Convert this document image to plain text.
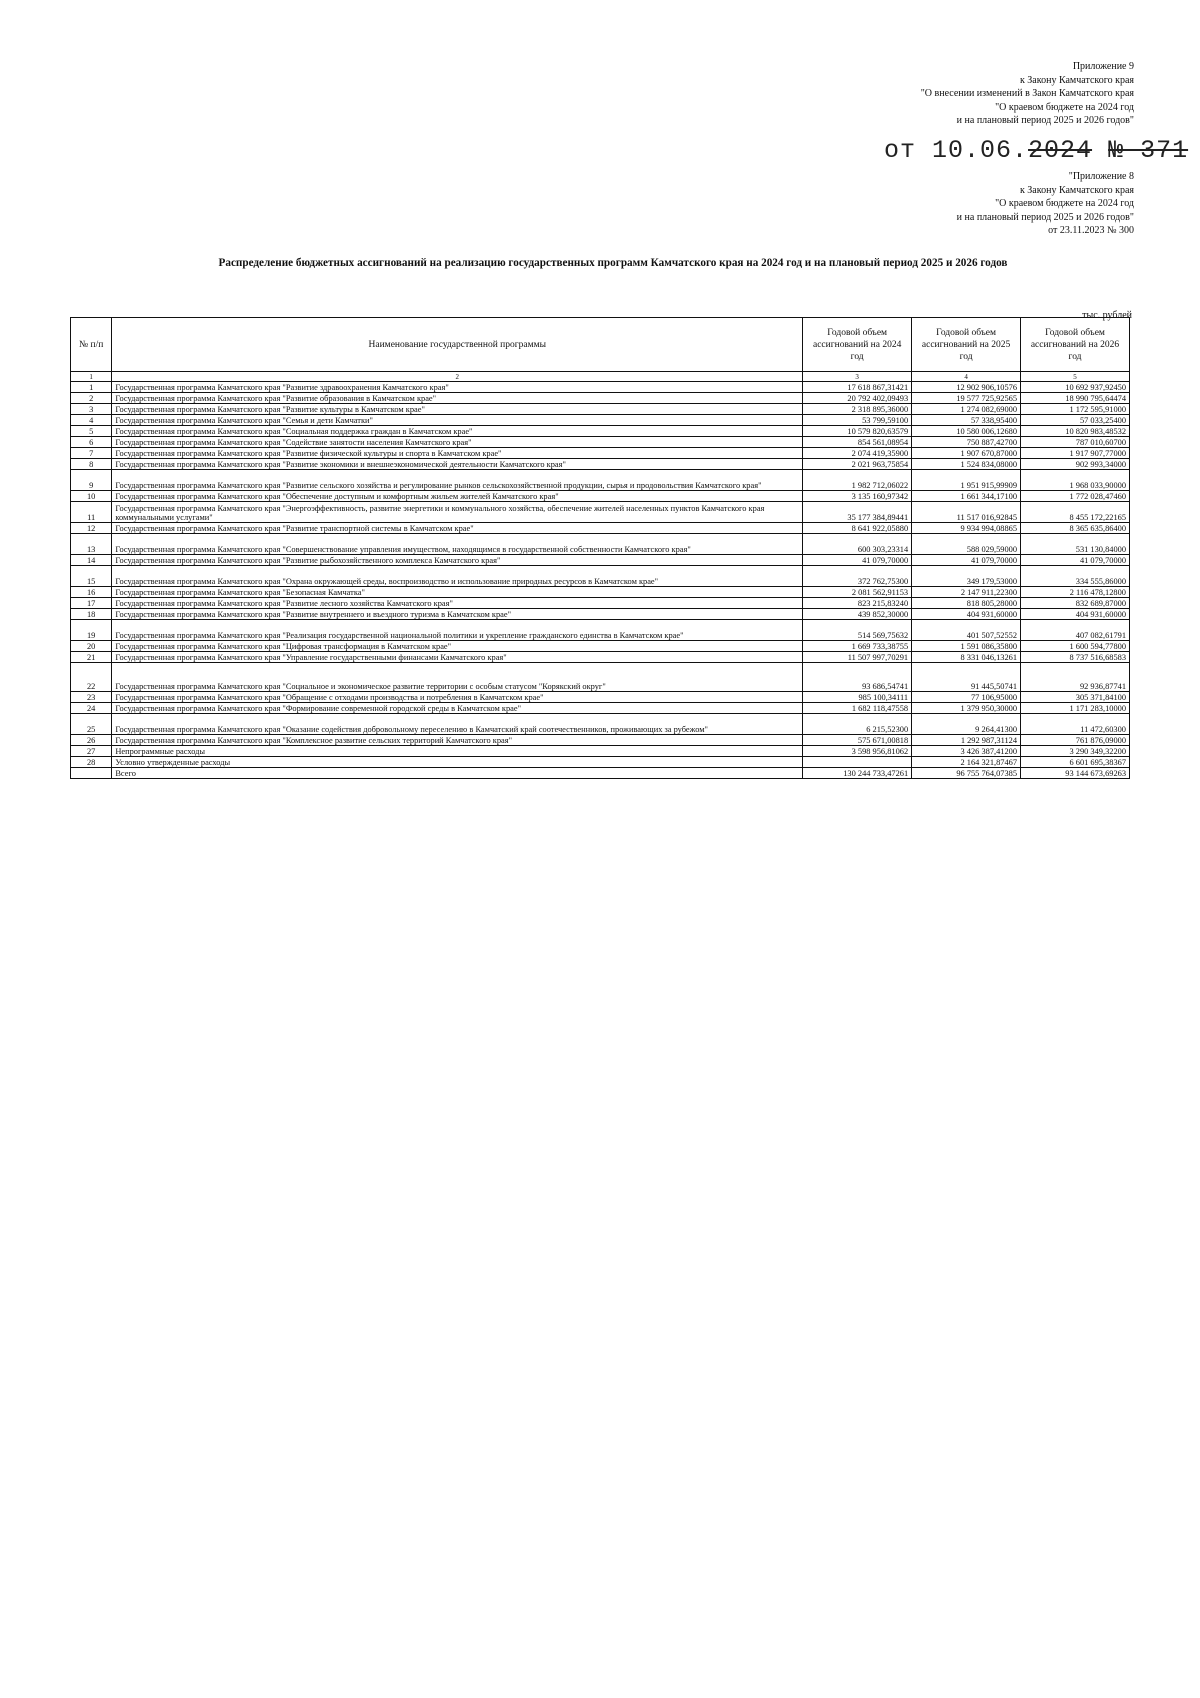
Приложение 9
к Закону Камчатского края
"О внесении изменений в Закон Камчатского края
"О краевом бюджете на 2024 год
и на плановый период 2025 и 2026 годов"
от 10.06.2024 № 371
"Приложение 8
к Закону Камчатского края
"О краевом бюджете на 2024 год
и на плановый период 2025 и 2026 годов"
от 23.11.2023 № 300
Распределение бюджетных ассигнований на реализацию государственных программ Камчатского края на 2024 год и на плановый период 2025 и 2026 годов
тыс. рублей
№ п/п	Наименование государственной программы	Годовой объем ассигнований на 2024 год	Годовой объем ассигнований на 2025 год	Годовой объем ассигнований на 2026 год
1	2	3	4	5
1	Государственная программа Камчатского края "Развитие здравоохранения Камчатского края"	17 618 867,31421	12 902 906,10576	10 692 937,92450
2	Государственная программа Камчатского края "Развитие образования в Камчатском крае"	20 792 402,09493	19 577 725,92565	18 990 795,64474
3	Государственная программа Камчатского края "Развитие культуры в Камчатском крае"	2 318 895,36000	1 274 082,69000	1 172 595,91000
4	Государственная программа Камчатского края "Семья и дети Камчатки"	53 799,59100	57 338,95400	57 033,25400
5	Государственная программа Камчатского края "Социальная поддержка граждан в Камчатском крае"	10 579 820,63579	10 580 006,12680	10 820 983,48532
6	Государственная программа Камчатского края "Содействие занятости населения Камчатского края"	854 561,08954	750 887,42700	787 010,60700
7	Государственная программа Камчатского края "Развитие физической культуры и спорта в Камчатском крае"	2 074 419,35900	1 907 670,87000	1 917 907,77000
8	Государственная программа Камчатского края "Развитие экономики и внешнеэкономической деятельности Камчатского края"	2 021 963,75854	1 524 834,08000	902 993,34000
9	Государственная программа Камчатского края "Развитие сельского хозяйства и регулирование рынков сельскохозяйственной продукции, сырья и продовольствия Камчатского края"	1 982 712,06022	1 951 915,99909	1 968 033,90000
10	Государственная программа Камчатского края "Обеспечение доступным и комфортным жильем жителей Камчатского края"	3 135 160,97342	1 661 344,17100	1 772 028,47460
11	Государственная программа Камчатского края "Энергоэффективность, развитие энергетики и коммунального хозяйства, обеспечение жителей населенных пунктов Камчатского края коммунальными услугами"	35 177 384,89441	11 517 016,92845	8 455 172,22165
12	Государственная программа Камчатского края "Развитие транспортной системы в Камчатском крае"	8 641 922,05880	9 934 994,08865	8 365 635,86400
13	Государственная программа Камчатского края "Совершенствование управления имуществом, находящимся в государственной собственности Камчатского края"	600 303,23314	588 029,59000	531 130,84000
14	Государственная программа Камчатского края "Развитие рыбохозяйственного комплекса Камчатского края"	41 079,70000	41 079,70000	41 079,70000
15	Государственная программа Камчатского края "Охрана окружающей среды, воспроизводство и использование природных ресурсов в Камчатском крае"	372 762,75300	349 179,53000	334 555,86000
16	Государственная программа Камчатского края "Безопасная Камчатка"	2 081 562,91153	2 147 911,22300	2 116 478,12800
17	Государственная программа Камчатского края "Развитие лесного хозяйства Камчатского края"	823 215,83240	818 805,28000	832 689,87000
18	Государственная программа Камчатского края "Развитие внутреннего и въездного туризма в Камчатском крае"	439 852,30000	404 931,60000	404 931,60000
19	Государственная программа Камчатского края "Реализация государственной национальной политики и укрепление гражданского единства в Камчатском крае"	514 569,75632	401 507,52552	407 082,61791
20	Государственная программа Камчатского края "Цифровая трансформация в Камчатском крае"	1 669 733,38755	1 591 086,35800	1 600 594,77800
21	Государственная программа Камчатского края "Управление государственными финансами Камчатского края"	11 507 997,70291	8 331 046,13261	8 737 516,68583
22	Государственная программа Камчатского края "Социальное и экономическое развитие территории с особым статусом "Корякский округ"	93 686,54741	91 445,50741	92 936,87741
23	Государственная программа Камчатского края "Обращение с отходами производства и потребления в Камчатском крае"	985 100,34111	77 106,95000	305 371,84100
24	Государственная программа Камчатского края "Формирование современной городской среды в Камчатском крае"	1 682 118,47558	1 379 950,30000	1 171 283,10000
25	Государственная программа Камчатского края "Оказание содействия добровольному переселению в Камчатский край соотечественников, проживающих за рубежом"	6 215,52300	9 264,41300	11 472,60300
26	Государственная программа Камчатского края "Комплексное развитие сельских территорий Камчатского края"	575 671,00818	1 292 987,31124	761 876,09000
27	Непрограммные расходы	3 598 956,81062	3 426 387,41200	3 290 349,32200
28	Условно утвержденные расходы		2 164 321,87467	6 601 695,38367
	Всего	130 244 733,47261	96 755 764,07385	93 144 673,69263
